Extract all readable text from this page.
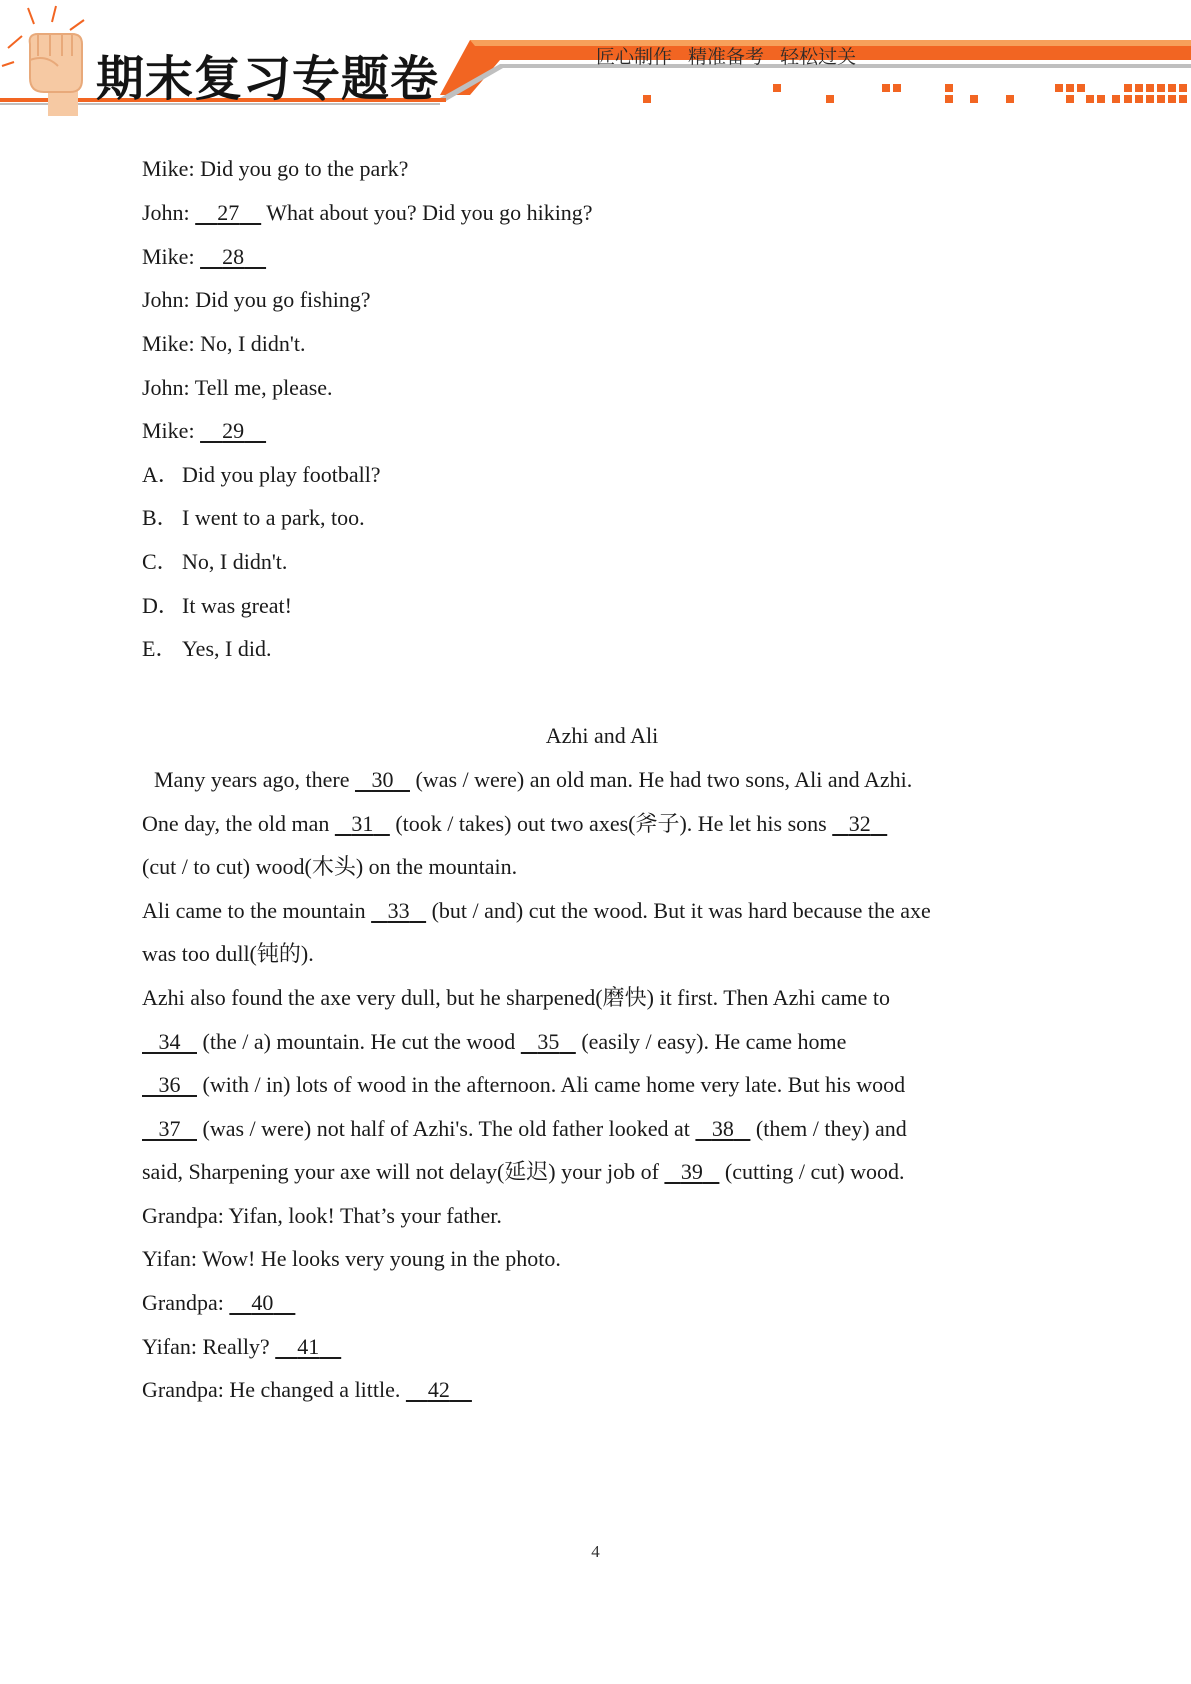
期末复习专题卷	匠心制作 精准备考 轻松过关
Mike: Did you go to the park?
John: 27 What about you? Did you go hiking?
Mike: 28
John: Did you go fishing?
Mike: No, I didn't.
John: Tell me, please.
Mike: 29
A．Did you play football?
B． I went to a park, too.
C． No, I didn't.
D．It was great!
E． Yes, I did.
Azhi and Ali
Many years ago, there 30 (was / were) an old man. He had two sons, Ali and Azhi.
One day, the old man 31 (took / takes) out two axes(斧子). He let his sons 32
(cut / to cut) wood(木头) on the mountain.
Ali came to the mountain 33 (but / and) cut the wood. But it was hard because the axe
was too dull(钝的).
Azhi also found the axe very dull, but he sharpened(磨快) it first. Then Azhi came to
34 (the / a) mountain. He cut the wood 35 (easily / easy). He came home
36 (with / in) lots of wood in the afternoon. Ali came home very late. But his wood
37 (was / were) not half of Azhi's. The old father looked at 38 (them / they) and
said, Sharpening your axe will not delay(延迟) your job of 39 (cutting / cut) wood.
Grandpa: Yifan, look! That’s your father.
Yifan: Wow! He looks very young in the photo.
Grandpa: 40
Yifan: Really? 41
Grandpa: He changed a little. 42
4
